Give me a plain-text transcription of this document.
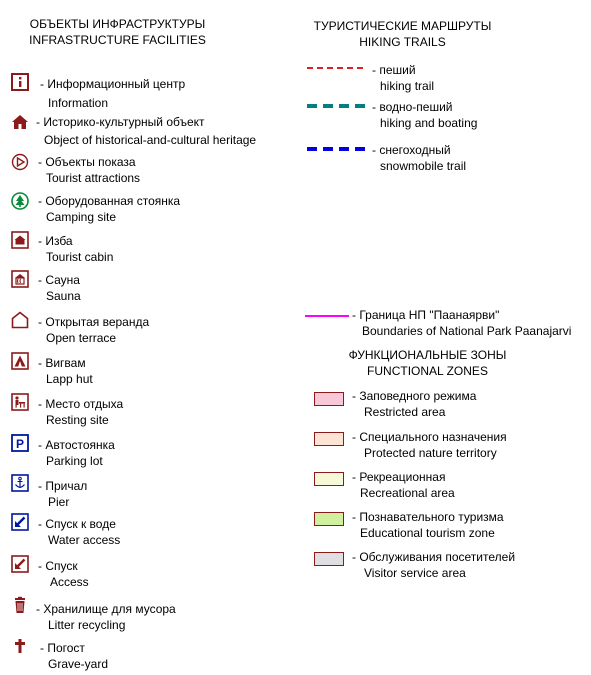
ОБЪЕКТЫ ИНФРАСТРУКТУРЫ
INFRASTRUCTURE FACILITIES
ТУРИСТИЧЕСКИЕ МАРШРУТЫ
HIKING TRAILS
- Информационный центр
Information
- Историко-культурный объект
Object of historical-and-cultural heritage
- Объекты показа
Tourist attractions
- Оборудованная стоянка
Camping site
- Изба
Tourist cabin
- Сауна
Sauna
- Открытая веранда
Open terrace
- Вигвам
Lapp hut
- Место отдыха
Resting site
P - Автостоянка
Parking lot
- Причал
Pier
- Спуск к воде
Water access
- Спуск
Access
- Хранилище для мусора
Litter recycling
- Погост
Grave-yard
- пеший
hiking trail
- водно-пеший
hiking and boating
- снегоходный
snowmobile trail
- Граница НП "Паанаярви"
Boundaries of National Park Paanajarvi
ФУНКЦИОНАЛЬНЫЕ ЗОНЫ
FUNCTIONAL ZONES
- Заповедного режима
Restricted area
- Специального назначения
Protected nature territory
- Рекреационная
Recreational area
- Познавательного туризма
Educational tourism zone
- Обслуживания посетителей
Visitor service area
